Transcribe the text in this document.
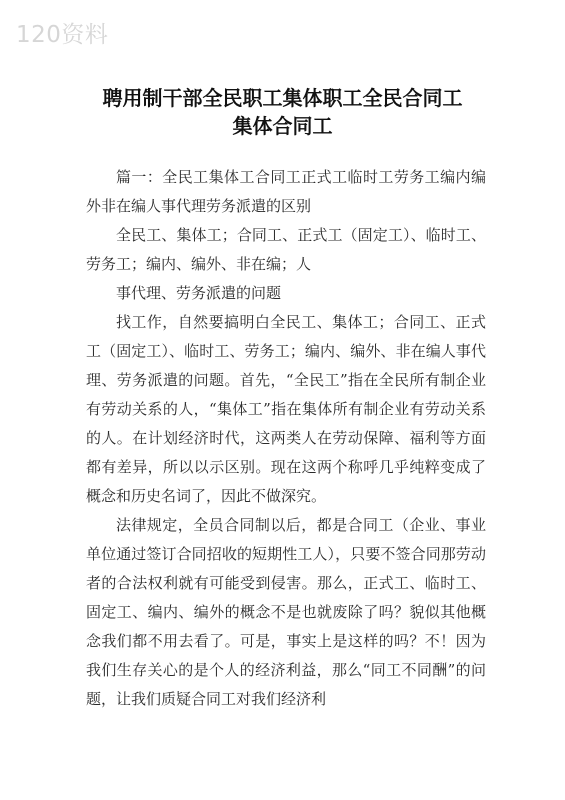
120资料
聘用制干部全民职工集体职工全民合同工
集体合同工

篇一：全民工集体工合同工正式工临时工劳务工编内编外非在编人事代理劳务派遣的区别

全民工、集体工；合同工、正式工（固定工）、临时工、劳务工；编内、编外、非在编；人

事代理、劳务派遣的问题

找工作，自然要搞明白全民工、集体工；合同工、正式工（固定工）、临时工、劳务工；编内、编外、非在编人事代理、劳务派遣的问题。首先，“全民工”指在全民所有制企业有劳动关系的人，“集体工”指在集体所有制企业有劳动关系的人。在计划经济时代，这两类人在劳动保障、福利等方面都有差异，所以以示区别。现在这两个称呼几乎纯粹变成了概念和历史名词了，因此不做深究。

法律规定，全员合同制以后，都是合同工（企业、事业单位通过签订合同招收的短期性工人），只要不签合同那劳动者的合法权利就有可能受到侵害。那么，正式工、临时工、固定工、编内、编外的概念不是也就废除了吗？貌似其他概念我们都不用去看了。可是，事实上是这样的吗？不！因为我们生存关心的是个人的经济利益，那么“同工不同酬”的问题，让我们质疑合同工对我们经济利
